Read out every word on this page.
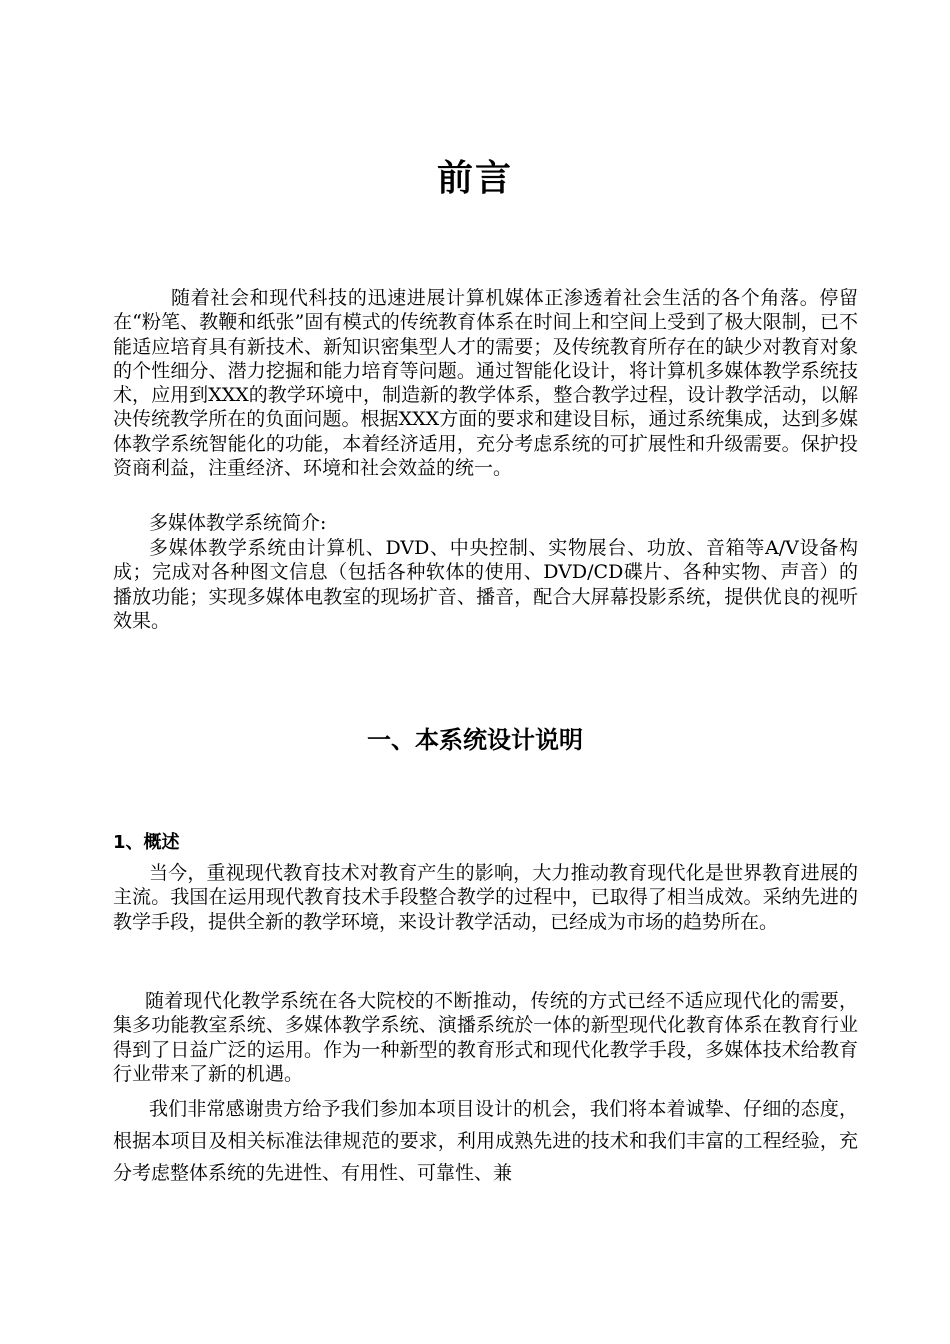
前言

随着社会和现代科技的迅速进展计算机媒体正渗透着社会生活的各个角落。停留在“粉笔、教鞭和纸张”固有模式的传统教育体系在时间上和空间上受到了极大限制，已不能适应培育具有新技术、新知识密集型人才的需要；及传统教育所存在的缺少对教育对象的个性细分、潜力挖掘和能力培育等问题。通过智能化设计，将计算机多媒体教学系统技术，应用到XXX的教学环境中，制造新的教学体系，整合教学过程，设计教学活动，以解决传统教学所在的负面问题。根据XXX方面的要求和建设目标，通过系统集成，达到多媒体教学系统智能化的功能，本着经济适用，充分考虑系统的可扩展性和升级需要。保护投资商利益，注重经济、环境和社会效益的统一。

多媒体教学系统简介:

多媒体教学系统由计算机、DVD、中央控制、实物展台、功放、音箱等A/V设备构成；完成对各种图文信息（包括各种软体的使用、DVD/CD碟片、各种实物、声音）的播放功能；实现多媒体电教室的现场扩音、播音，配合大屏幕投影系统，提供优良的视听效果。

一、本系统设计说明
1、概述

当今，重视现代教育技术对教育产生的影响，大力推动教育现代化是世界教育进展的主流。我国在运用现代教育技术手段整合教学的过程中，已取得了相当成效。采纳先进的教学手段，提供全新的教学环境，来设计教学活动，已经成为市场的趋势所在。

随着现代化教学系统在各大院校的不断推动，传统的方式已经不适应现代化的需要，集多功能教室系统、多媒体教学系统、演播系统於一体的新型现代化教育体系在教育行业得到了日益广泛的运用。作为一种新型的教育形式和现代化教学手段，多媒体技术给教育行业带来了新的机遇。

我们非常感谢贵方给予我们参加本项目设计的机会，我们将本着诚挚、仔细的态度，根据本项目及相关标准法律规范的要求，利用成熟先进的技术和我们丰富的工程经验，充分考虑整体系统的先进性、有用性、可靠性、兼
